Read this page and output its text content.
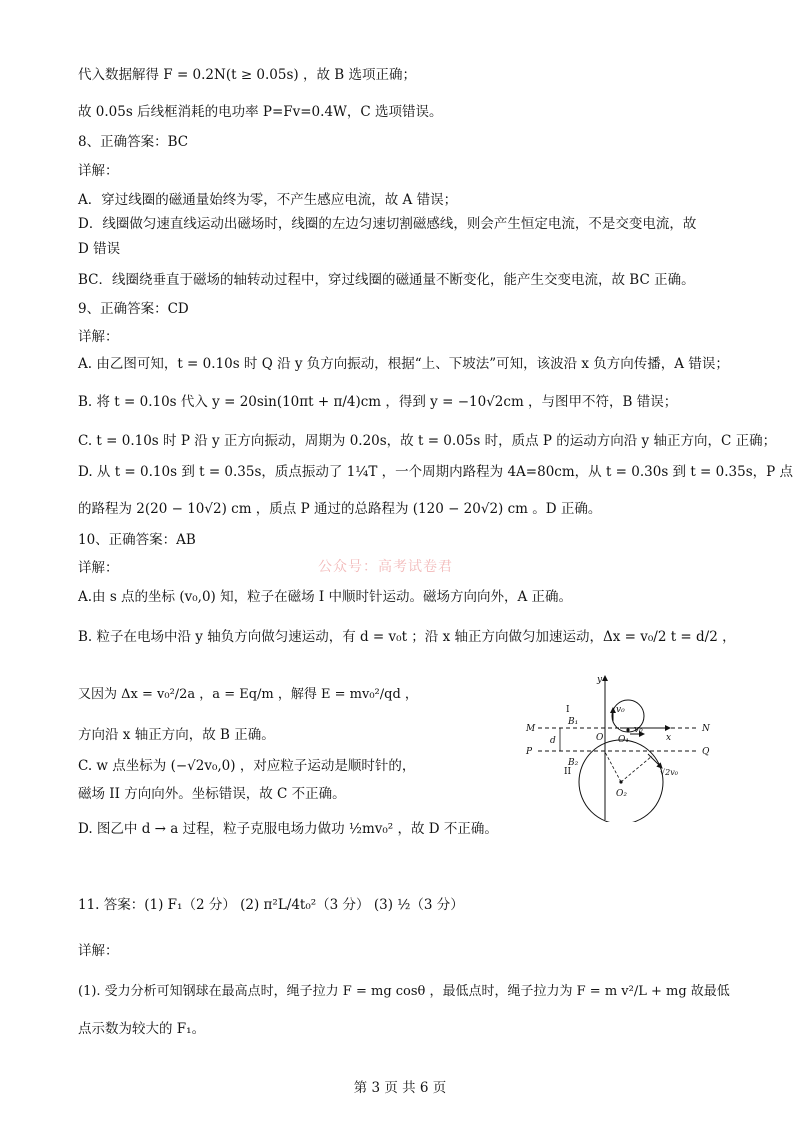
代入数据解得 F = 0.2N(t ≥ 0.05s) ，故 B 选项正确；
故 0.05s 后线框消耗的电功率 P=Fv=0.4W，C 选项错误。
8、正确答案：BC
详解：
A．穿过线圈的磁通量始终为零，不产生感应电流，故 A 错误；
D．线圈做匀速直线运动出磁场时，线圈的左边匀速切割磁感线，则会产生恒定电流，不是交变电流，故
D 错误
BC．线圈绕垂直于磁场的轴转动过程中，穿过线圈的磁通量不断变化，能产生交变电流，故 BC 正确。
9、正确答案：CD
详解：
A. 由乙图可知，t = 0.10s 时 Q 沿 y 负方向振动，根据“上、下坡法”可知，该波沿 x 负方向传播，A 错误；
B. 将 t = 0.10s 代入 y = 20sin(10πt + π/4)cm ，得到 y = −10√2cm ，与图甲不符，B 错误；
C. t = 0.10s 时 P 沿 y 正方向振动，周期为 0.20s，故 t = 0.05s 时，质点 P 的运动方向沿 y 轴正方向，C 正确；
D. 从 t = 0.10s 到 t = 0.35s，质点振动了 1¼T ，一个周期内路程为 4A=80cm，从 t = 0.30s 到 t = 0.35s，P 点
的路程为 2(20 − 10√2) cm ，质点 P 通过的总路程为 (120 − 20√2) cm 。D 正确。
10、正确答案：AB
详解：	公众号：高考试卷君
A.由 s 点的坐标 (v₀,0) 知，粒子在磁场 I 中顺时针运动。磁场方向向外，A 正确。
B. 粒子在电场中沿 y 轴负方向做匀速运动，有 d = v₀t ；沿 x 轴正方向做匀加速运动，Δx = v₀/2 t = d/2 ，
又因为 Δx = v₀²/2a ，a = Eq/m ，解得 E = mv₀²/qd ，
方向沿 x 轴正方向，故 B 正确。
C. w 点坐标为 (−√2v₀,0) ，对应粒子运动是顺时针的，
磁场 II 方向向外。坐标错误，故 C 不正确。
D. 图乙中 d → a 过程，粒子克服电场力做功 ½mv₀² ，故 D 不正确。
11. 答案：(1) F₁（2 分） (2) π²L/4t₀²（3 分） (3) ½（3 分）
详解：
(1). 受力分析可知钢球在最高点时，绳子拉力 F = mg cosθ ，最低点时，绳子拉力为 F = m v²/L + mg 故最低
点示数为较大的 F₁。
y
I
M	N
B₁
v₀
O O₁
v₀
x
d
P	Q
II
B₂
O₂
√2v₀
第 3 页 共 6 页
